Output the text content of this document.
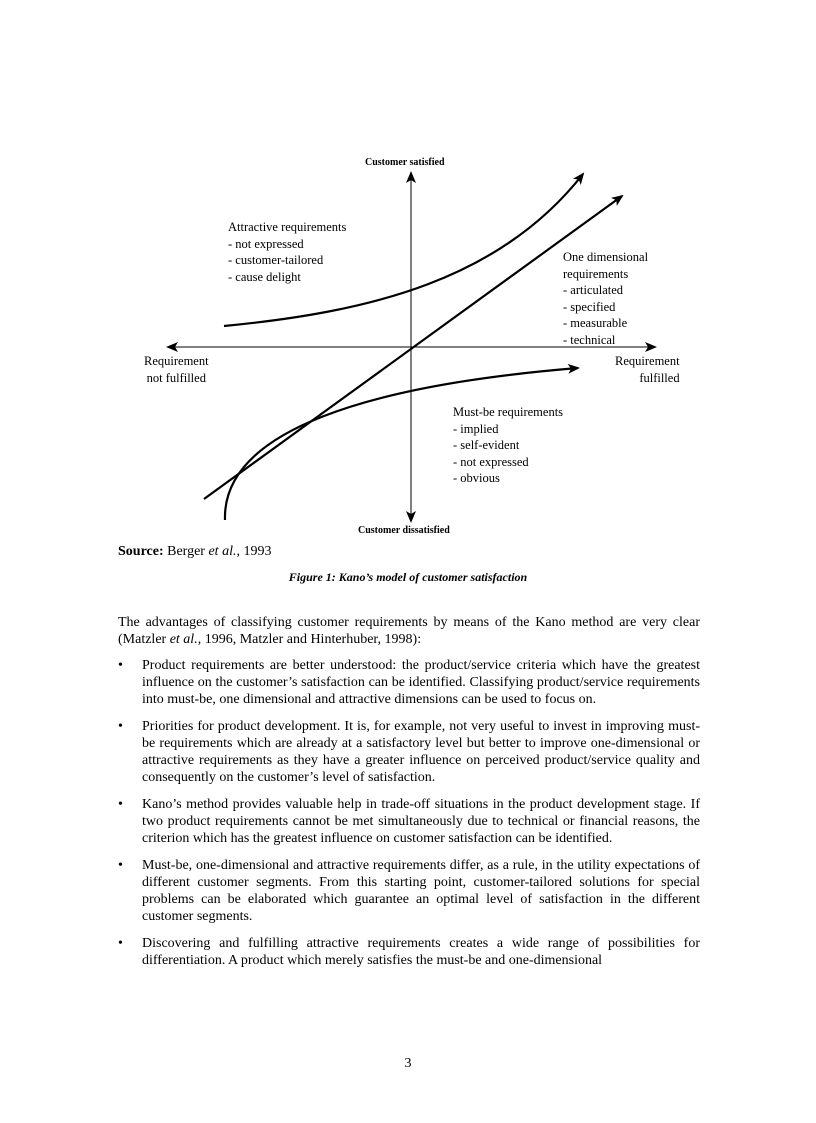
Customer satisfied
Customer dissatisfied
Requirement
not fulfilled
Requirement
fulfilled
Attractive requirements
- not expressed
- customer-tailored
- cause delight
One dimensional
requirements
- articulated
- specified
- measurable
- technical
Must-be requirements
- implied
- self-evident
- not expressed
- obvious
Source: Berger et al., 1993
Figure 1: Kano’s model of customer satisfaction
The advantages of classifying customer requirements by means of the Kano method are very clear (Matzler et al., 1996, Matzler and Hinterhuber, 1998):
• Product requirements are better understood: the product/service criteria which have the greatest influence on the customer’s satisfaction can be identified. Classifying product/service requirements into must-be, one dimensional and attractive dimensions can be used to focus on.
• Priorities for product development. It is, for example, not very useful to invest in improving must-be requirements which are already at a satisfactory level but better to improve one-dimensional or attractive requirements as they have a greater influence on perceived product/service quality and consequently on the customer’s level of satisfaction.
• Kano’s method provides valuable help in trade-off situations in the product development stage. If two product requirements cannot be met simultaneously due to technical or financial reasons, the criterion which has the greatest influence on customer satisfaction can be identified.
• Must-be, one-dimensional and attractive requirements differ, as a rule, in the utility expectations of different customer segments. From this starting point, customer-tailored solutions for special problems can be elaborated which guarantee an optimal level of satisfaction in the different customer segments.
• Discovering and fulfilling attractive requirements creates a wide range of possibilities for differentiation. A product which merely satisfies the must-be and one-dimensional
3
